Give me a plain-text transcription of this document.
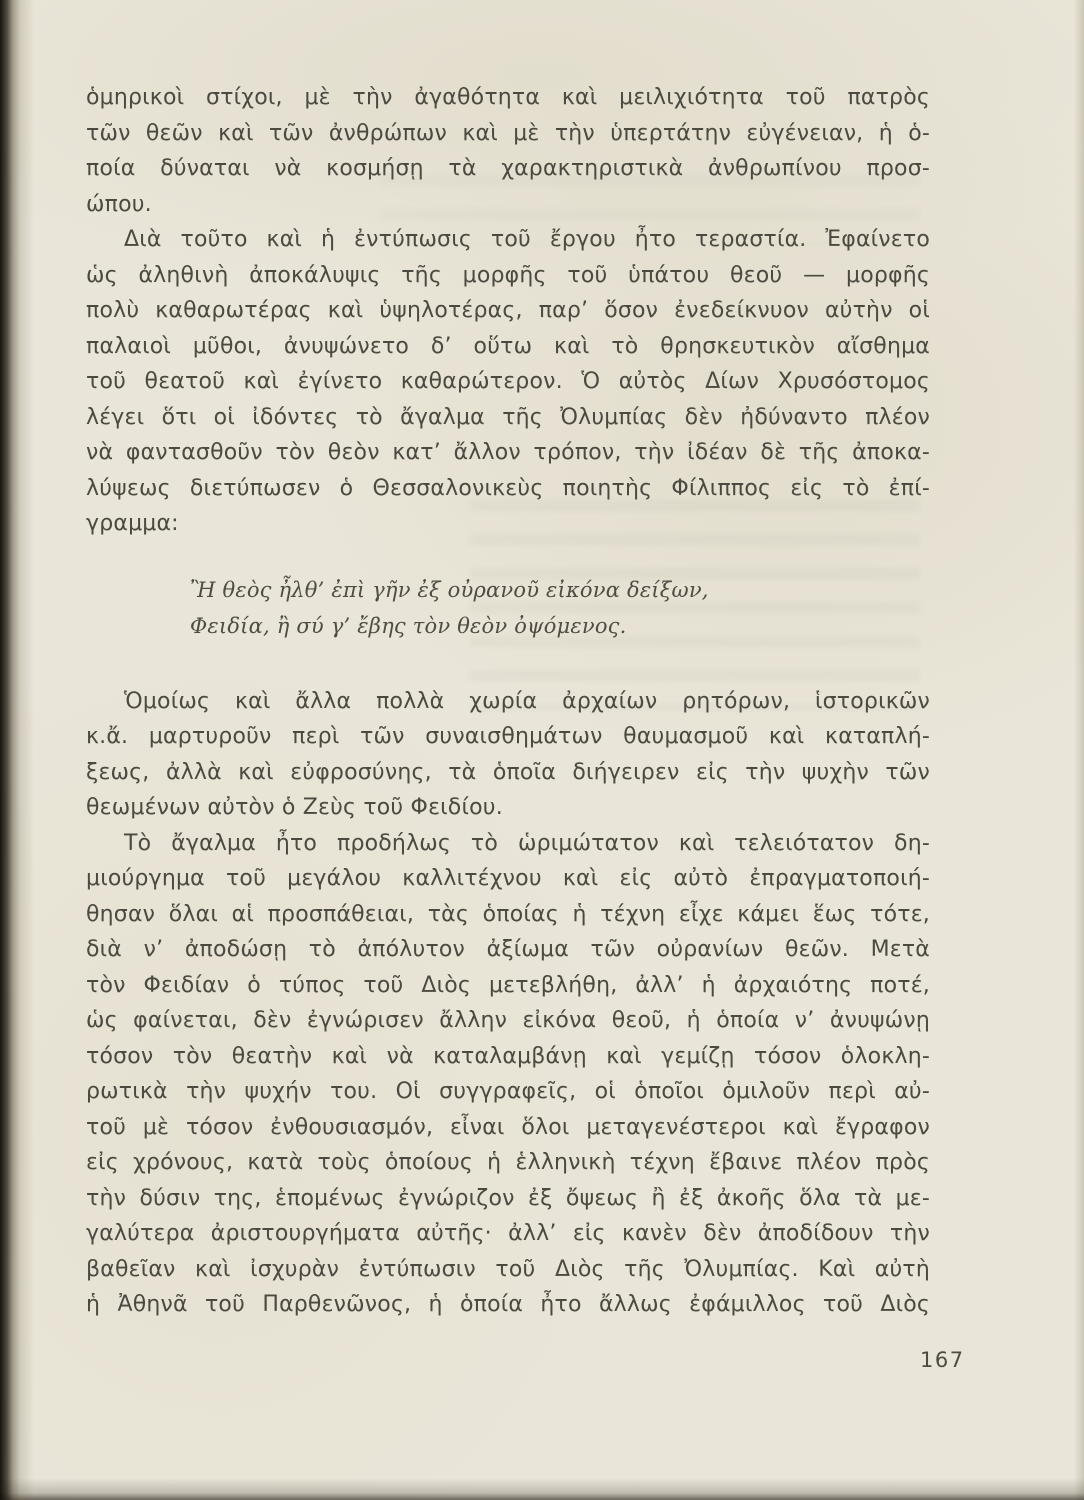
ὁμηρικοὶ στίχοι, μὲ τὴν ἀγαθότητα καὶ μειλιχιότητα τοῦ πατρὸς
τῶν θεῶν καὶ τῶν ἀνθρώπων καὶ μὲ τὴν ὑπερτάτην εὐγένειαν, ἡ ὁ-
ποία δύναται νὰ κοσμήσῃ τὰ χαρακτηριστικὰ ἀνθρωπίνου προσ-
ώπου.
Διὰ τοῦτο καὶ ἡ ἐντύπωσις τοῦ ἔργου ἦτο τεραστία. Ἐφαίνετο
ὡς ἀληθινὴ ἀποκάλυψις τῆς μορφῆς τοῦ ὑπάτου θεοῦ — μορφῆς
πολὺ καθαρωτέρας καὶ ὑψηλοτέρας, παρ’ ὅσον ἐνεδείκνυον αὐτὴν οἱ
παλαιοὶ μῦθοι, ἀνυψώνετο δ’ οὕτω καὶ τὸ θρησκευτικὸν αἴσθημα
τοῦ θεατοῦ καὶ ἐγίνετο καθαρώτερον. Ὁ αὐτὸς Δίων Χρυσόστομος
λέγει ὅτι οἱ ἰδόντες τὸ ἄγαλμα τῆς Ὀλυμπίας δὲν ἠδύναντο πλέον
νὰ φαντασθοῦν τὸν θεὸν κατ’ ἄλλον τρόπον, τὴν ἰδέαν δὲ τῆς ἀποκα-
λύψεως διετύπωσεν ὁ Θεσσαλονικεὺς ποιητὴς Φίλιππος εἰς τὸ ἐπί-
γραμμα:
Ἢ θεὸς ἦλθ’ ἐπὶ γῆν ἐξ οὐρανοῦ εἰκόνα δείξων,
Φειδία, ἢ σύ γ’ ἔβης τὸν θεὸν ὀψόμενος.
Ὁμοίως καὶ ἄλλα πολλὰ χωρία ἀρχαίων ρητόρων, ἱστορικῶν
κ.ἄ. μαρτυροῦν περὶ τῶν συναισθημάτων θαυμασμοῦ καὶ καταπλή-
ξεως, ἀλλὰ καὶ εὐφροσύνης, τὰ ὁποῖα διήγειρεν εἰς τὴν ψυχὴν τῶν
θεωμένων αὐτὸν ὁ Ζεὺς τοῦ Φειδίου.
Τὸ ἄγαλμα ἦτο προδήλως τὸ ὡριμώτατον καὶ τελειότατον δη-
μιούργημα τοῦ μεγάλου καλλιτέχνου καὶ εἰς αὐτὸ ἐπραγματοποιή-
θησαν ὅλαι αἱ προσπάθειαι, τὰς ὁποίας ἡ τέχνη εἶχε κάμει ἕως τότε,
διὰ ν’ ἀποδώσῃ τὸ ἀπόλυτον ἀξίωμα τῶν οὐρανίων θεῶν. Μετὰ
τὸν Φειδίαν ὁ τύπος τοῦ Διὸς μετεβλήθη, ἀλλ’ ἡ ἀρχαιότης ποτέ,
ὡς φαίνεται, δὲν ἐγνώρισεν ἄλλην εἰκόνα θεοῦ, ἡ ὁποία ν’ ἀνυψώνῃ
τόσον τὸν θεατὴν καὶ νὰ καταλαμβάνῃ καὶ γεμίζῃ τόσον ὁλοκλη-
ρωτικὰ τὴν ψυχήν του. Οἱ συγγραφεῖς, οἱ ὁποῖοι ὁμιλοῦν περὶ αὐ-
τοῦ μὲ τόσον ἐνθουσιασμόν, εἶναι ὅλοι μεταγενέστεροι καὶ ἔγραφον
εἰς χρόνους, κατὰ τοὺς ὁποίους ἡ ἑλληνικὴ τέχνη ἔβαινε πλέον πρὸς
τὴν δύσιν της, ἑπομένως ἐγνώριζον ἐξ ὄψεως ἢ ἐξ ἀκοῆς ὅλα τὰ με-
γαλύτερα ἀριστουργήματα αὐτῆς· ἀλλ’ εἰς κανὲν δὲν ἀποδίδουν τὴν
βαθεῖαν καὶ ἰσχυρὰν ἐντύπωσιν τοῦ Διὸς τῆς Ὀλυμπίας. Καὶ αὐτὴ
ἡ Ἀθηνᾶ τοῦ Παρθενῶνος, ἡ ὁποία ἦτο ἄλλως ἐφάμιλλος τοῦ Διὸς
167
